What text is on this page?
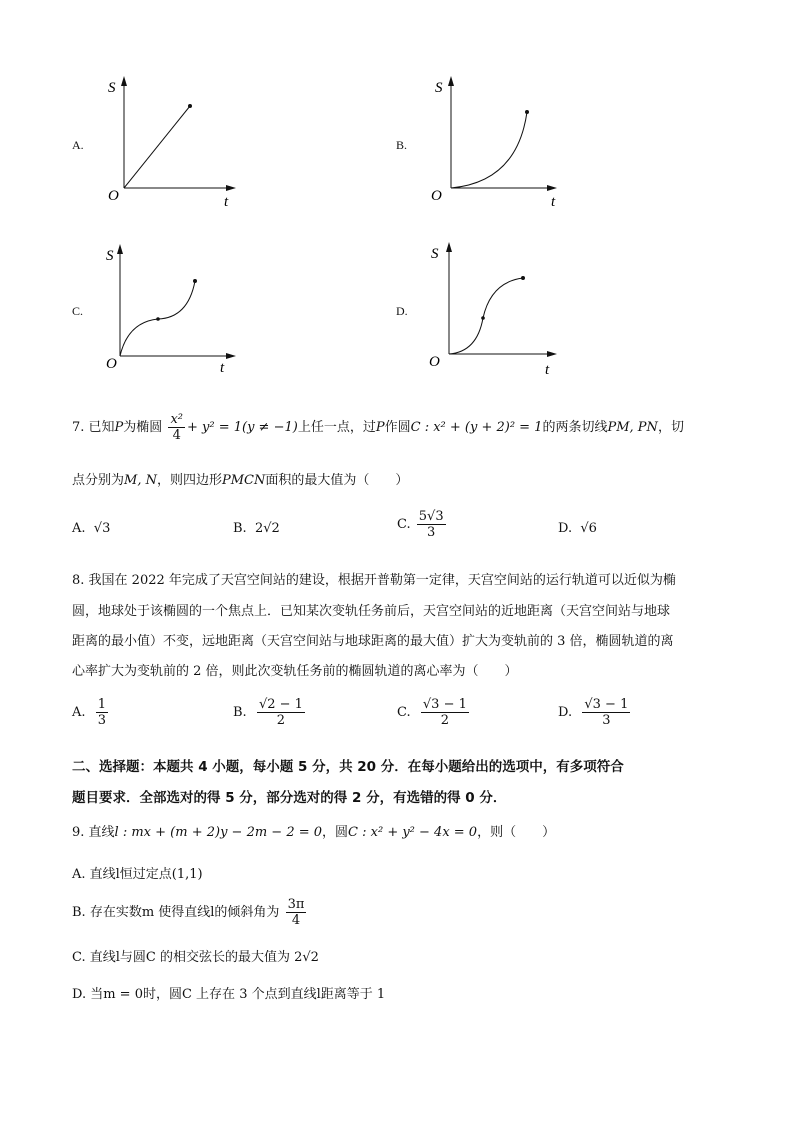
A.
S
O	t
B.
S
O	t
C.
S
O	t
D.
S
O	t
7. 已知P为椭圆 $\frac{\text{x²}}{4} + y^2 = 1(y \ne -1)$上任一点，过P作圆C : x² + (y + 2)² = 1的两条切线PM, PN，切
点分别为M, N，则四边形PMCN面积的最大值为（　　）
A. √3	B. 2√2	C. $\frac{5√3}{3}$	D. √6
8. 我国在 2022 年完成了天宫空间站的建设，根据开普勒第一定律，天宫空间站的运行轨道可以近似为椭
圆，地球处于该椭圆的一个焦点上．已知某次变轨任务前后，天宫空间站的近地距离（天宫空间站与地球
距离的最小值）不变，远地距离（天宫空间站与地球距离的最大值）扩大为变轨前的 3 倍，椭圆轨道的离
心率扩大为变轨前的 2 倍，则此次变轨任务前的椭圆轨道的离心率为（　　）
A. $\frac{1}{3}$	B. $\frac{√2 - 1}{2}$	C. $\frac{√3 - 1}{2}$	D. $\frac{√3 - 1}{3}$
二、选择题：本题共 4 小题，每小题 5 分，共 20 分．在每小题给出的选项中，有多项符合
题目要求．全部选对的得 5 分，部分选对的得 2 分，有选错的得 0 分．
9. 直线l : mx + (m + 2)y − 2m − 2 = 0，圆C : x² + y² − 4x = 0，则（　　）
A. 直线l恒过定点(1,1)
B. 存在实数m 使得直线l的倾斜角为 $\frac{3\pi}{4}$
C. 直线l与圆C 的相交弦长的最大值为 2√2
D. 当m = 0时，圆C 上存在 3 个点到直线l距离等于 1
